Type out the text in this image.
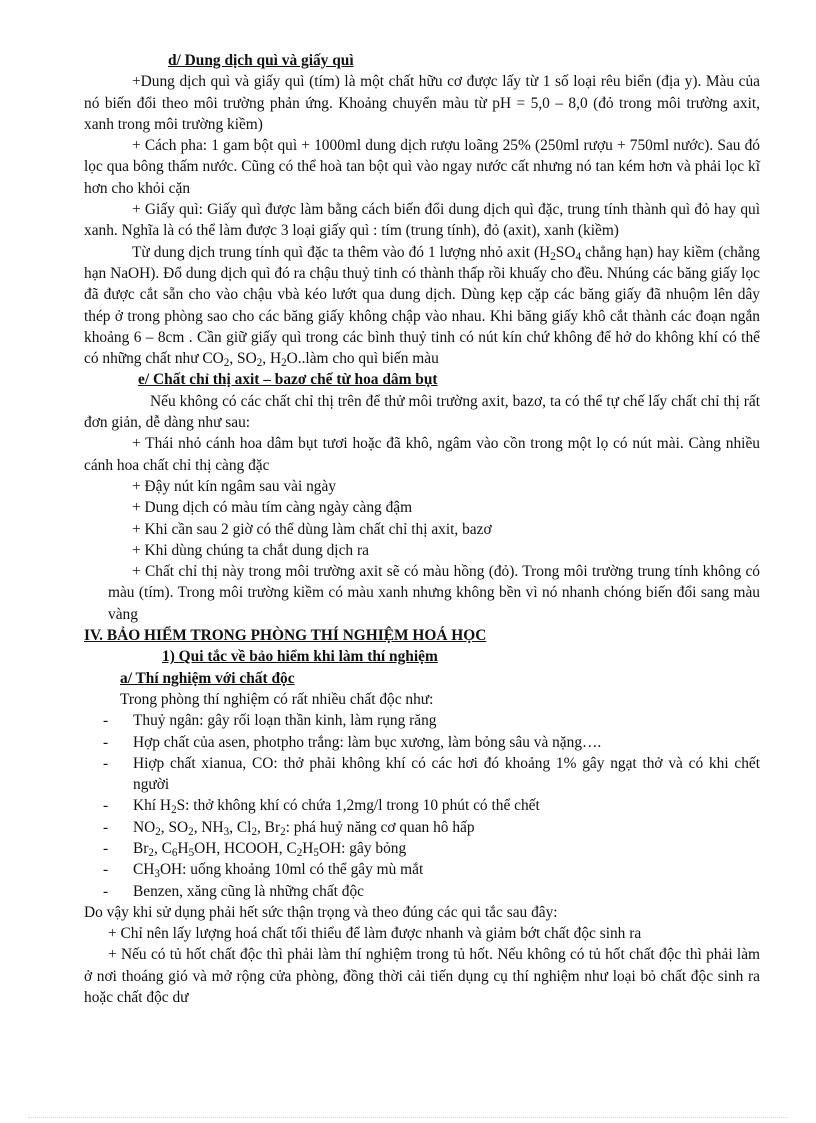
d/ Dung dịch quì và giấy quì

+Dung dịch quì và giấy quì (tím) là một chất hữu cơ được lấy từ 1 số loại rêu biển (địa y). Màu của nó biến đổi theo môi trường phản ứng. Khoảng chuyển màu từ pH = 5,0 – 8,0 (đỏ trong môi trường axit, xanh trong môi trường kiềm)

+ Cách pha: 1 gam bột quì + 1000ml dung dịch rượu loãng 25% (250ml rượu + 750ml nước). Sau đó lọc qua bông thấm nước. Cũng có thể hoà tan bột quì vào ngay nước cất nhưng nó tan kém hơn và phải lọc kĩ hơn cho khỏi cặn

+ Giấy quì: Giấy quì được làm bằng cách biến đổi dung dịch quì đặc, trung tính thành quì đỏ hay quì xanh. Nghĩa là có thể làm được 3 loại giấy quì : tím (trung tính), đỏ (axit), xanh (kiềm)

Từ dung dịch trung tính quì đặc ta thêm vào đó 1 lượng nhỏ axit ($H_2SO_4$ chẳng hạn) hay kiềm (chẳng hạn NaOH). Đổ dung dịch quì đó ra chậu thuỷ tinh có thành thấp rồi khuấy cho đều. Nhúng các băng giấy lọc đã được cắt sẵn cho vào chậu vbà kéo lướt qua dung dịch. Dùng kẹp cặp các băng giấy đã nhuộm lên dây thép ở trong phòng sao cho các băng giấy không chập vào nhau. Khi băng giấy khô cắt thành các đoạn ngắn khoảng 6 – 8cm . Cần giữ giấy quì trong các bình thuỷ tinh có nút kín chứ không để hở do không khí có thể có những chất như $CO_2$, $SO_2$, $H_2O..làm$ cho quì biến màu

e/ Chất chỉ thị axit – bazơ chế từ hoa dâm bụt

Nếu không có các chất chỉ thị trên để thử môi trường axit, bazơ, ta có thể tự chế lấy chất chỉ thị rất đơn giản, dễ dàng như sau:

+ Thái nhỏ cánh hoa dâm bụt tươi hoặc đã khô, ngâm vào cồn trong một lọ có nút mài. Càng nhiều cánh hoa chất chỉ thị càng đặc

+ Đậy nút kín ngâm sau vài ngày

+ Dung dịch có màu tím càng ngày càng đậm

+ Khi cần sau 2 giờ có thể dùng làm chất chỉ thị axit, bazơ

+ Khi dùng chúng ta chắt dung dịch ra

+ Chất chỉ thị này trong môi trường axit sẽ có màu hồng (đỏ). Trong môi trường trung tính không có màu (tím). Trong môi trường kiềm có màu xanh nhưng không bền vì nó nhanh chóng biến đổi sang màu vàng

IV. BẢO HIỂM TRONG PHÒNG THÍ NGHIỆM HOÁ HỌC

1) Qui tắc về bảo hiểm khi làm thí nghiệm

a/ Thí nghiệm với chất độc

Trong phòng thí nghiệm có rất nhiều chất độc như:

-	Thuỷ ngân: gây rối loạn thần kinh, làm rụng răng
-	Hợp chất của asen, photpho trắng: làm bục xương, làm bỏng sâu và nặng….
-	Hiợp chất xianua, CO: thở phải không khí có các hơi đó khoảng 1% gây ngạt thở và có khi chết người
-	Khí $H_2S$: thở không khí có chứa 1,2mg/l trong 10 phút có thể chết
-	$NO_2$, $SO_2$, $NH_3$, $Cl_2$, $Br_2$: phá huỷ năng cơ quan hô hấp
-	$Br_2$, $C_6H_5OH$, HCOOH, $C_2H_5OH$: gây bỏng
-	$CH_3OH$: uống khoảng 10ml có thể gây mù mắt
-	Benzen, xăng cũng là những chất độc

Do vậy khi sử dụng phải hết sức thận trọng và theo đúng các qui tắc sau đây:

+ Chỉ nên lấy lượng hoá chất tối thiểu để làm được nhanh và giảm bớt chất độc sinh ra

+ Nếu có tủ hốt chất độc thì phải làm thí nghiệm trong tủ hốt. Nếu không có tủ hốt chất độc thì phải làm ở nơi thoáng gió và mở rộng cửa phòng, đồng thời cải tiến dụng cụ thí nghiệm như loại bỏ chất độc sinh ra hoặc chất độc dư
